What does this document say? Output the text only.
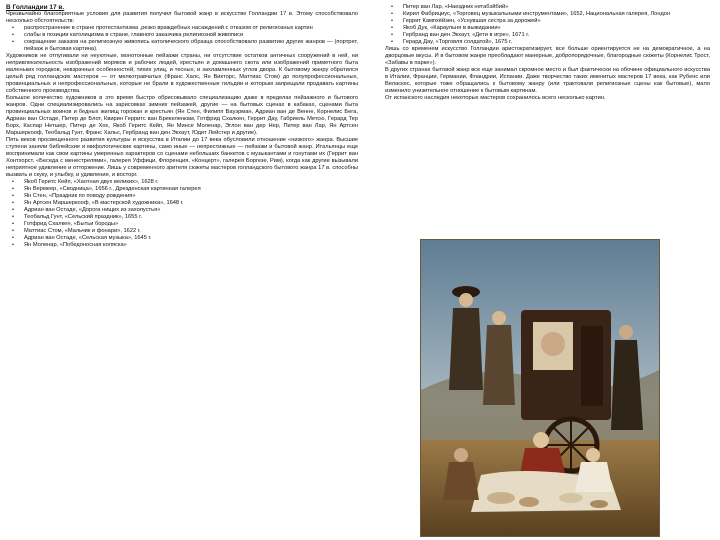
В Голландии 17 в.

Чрезвычайно благоприятные условия для развития получил бытовой жанр в искусстве Голландии 17 в. Этому способствовало несколько обстоятельств:

• распространение в стране протестантизма ,резко враждебных насаждений с отказом от религиозных картин
• слабы в позиции католицизма в стране, главного заказчика религиозной живописи
• сокращение заказов на религиозную живопись католического образца способствовало развитию других жанров — (портрет, пейзаж и бытовая картина).

Художников не отпугивали ни неуютные, монотонные пейзажи страны, ни отсутствие остатков античных сооружений в ней, ни непривлекательность изображений моряков и рабочих людей, крестьян и домашнего скота или изображений приметного быта маленьких городков, невзрачных особенностей, тихих улиц, и тесных, и захламленных углов двора. К бытовому жанру обратился целый ряд голландских мастеров — от мелкотравчатых (Франс Халс, Ян Викторс, Маттиас Стом) до полупрофессиональных, провинциальных и непрофессиональных, которые не брали в художественные гильдии и которым запрещали продавать картины собственного производства.

Большое количество художников в это время быстро обрисовывало специализацию даже в пределах пейзажного и бытового жанров. Одни специализировались на зарисовках зимних пейзажей, другие — на бытовых сценах в кабаках, сценами быта провинциальных воинов и бедных жилищ горожан и крестьян (Ян Стен, Филипп Вауэрман, Адриан ван де Венне, Корнелис Бега, Адриан ван Остаде, Питер де Блот, Квирин Герритс ван Брекеленкам, Готфрид Схалкен, Геррит Дау, Габриель Метсю, Герард Тер Борх, Каспар Нетшер, Питер де Хох, Якоб Геритс Кейп, Ян Минсе Моленар, Эглон ван дер Нер, Питер ван Лар, Ян Артсен Маршеркооф, Теобальд Гунт, Франс Хальс, Гербранд ван ден Экхаут, Юдит Лейстер и другие).

Пять веков просвещенного развития культуры и искусства в Италии до 17 века обусловили отношение «низкого» жанра. Высшие ступени заняли библейские и мифологические картины, само иные — непрестижные — пейзажи и бытовой жанр. Итальянцы еще воспринимали как свои картины умеренных характеров со сценами небольших банкетов с музыкантами и гонутами их (Геррит ван Хонтхорст, «Беседа с менестрелями», галерея Уффици, Флоренция, «Концерт», галерея Боргезе, Рим), когда как другие вызывали неприятное удивление и отторжение. Лишь у современного зрителя сюжеты мастеров голландского бытового жанра 17 в. способны вызвать и скуку, и улыбку, и удивление, и восторг.

• Якоб Геритс Кейп, «Хаотная двух великих», 1628 г.
• Ян Вермеер, «Сводница», 1656 г., Дрезденская картинная галерея
• Ян Стен, «Праздник по поводу рождения»
• Ян Артсен Маршеркооф, «В мастерской художника», 1648 г.
• Адриан ван Остаде, «Дорога нищих из захолустья»
• Теобальд Гунт, «Сельский праздник», 1655 г.
• Готфрид Схалкен, «Бытьи бороды»
• Маттиас Стом, «Мальчик и фонари», 1622 г.
• Адриан ван Остаде, «Сельская музыка», 1645 г.
• Ян Моленар, «Победоносная коляска»
• Питер ван Лар, «Наездник нетабэйбий»
• Кирил Фабрициус, «Торговец музыкальными инструментами», 1652, Национальная галерея, Лондон
• Геррит Кампхёйзен, «Уснувшая сестра за дорожей»
• Якоб Дук, «Караульня в выжидании»
• Гербранд ван ден Экхаут, «Дети в игре», 1671 г.
• Герард Дау, «Торговля солдатой», 1675 г.

Лишь со временем искусство Голландии аристократизирует, все больше ориентируется не на демократичное, а на дворцовые вкусы. И в бытовом жанре преобладают манерные, добропорядочные, благородные сюжеты (Корнелис Трост, «Забавы в парке»).

В других странах бытовой жанр все еще занимал скромное место и был фактически на обочине официального искусства в Италии, Франции, Германии, Фландрии, Испании. Даже творчество таких именитых мастеров 17 века, как Рубенс или Веласкес, которые тоже обращались к бытовому жанру (или трактовали религиозные сцены как бытовые), мало изменило унизительное отношение к бытовым картинам.

От испанского наследия некоторых мастеров сохранилось всего несколько картин.
